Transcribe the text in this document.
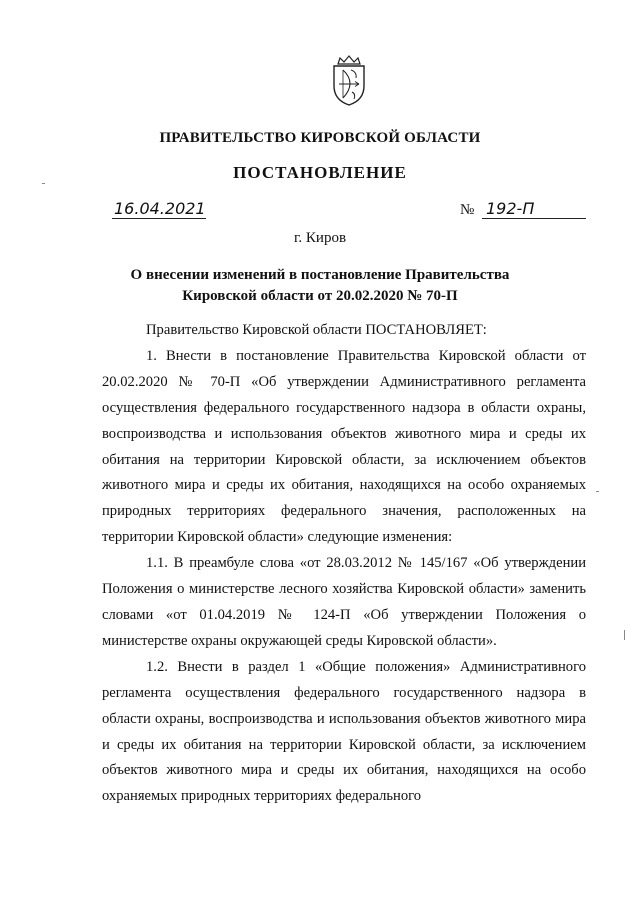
ПРАВИТЕЛЬСТВО КИРОВСКОЙ ОБЛАСТИ
ПОСТАНОВЛЕНИЕ
16.04.2021	№ 192-П
г. Киров
О внесении изменений в постановление Правительства
Кировской области от 20.02.2020 № 70-П

Правительство Кировской области ПОСТАНОВЛЯЕТ:

1. Внести в постановление Правительства Кировской области от 20.02.2020 № 70-П «Об утверждении Административного регламента осуществления федерального государственного надзора в области охраны, воспроизводства и использования объектов животного мира и среды их обитания на территории Кировской области, за исключением объектов животного мира и среды их обитания, находящихся на особо охраняемых природных территориях федерального значения, расположенных на территории Кировской области» следующие изменения:

1.1. В преамбуле слова «от 28.03.2012 № 145/167 «Об утверждении Положения о министерстве лесного хозяйства Кировской области» заменить словами «от 01.04.2019 № 124-П «Об утверждении Положения о министерстве охраны окружающей среды Кировской области».

1.2. Внести в раздел 1 «Общие положения» Административного регламента осуществления федерального государственного надзора в области охраны, воспроизводства и использования объектов животного мира и среды их обитания на территории Кировской области, за исключением объектов животного мира и среды их обитания, находящихся на особо охраняемых природных территориях федерального
